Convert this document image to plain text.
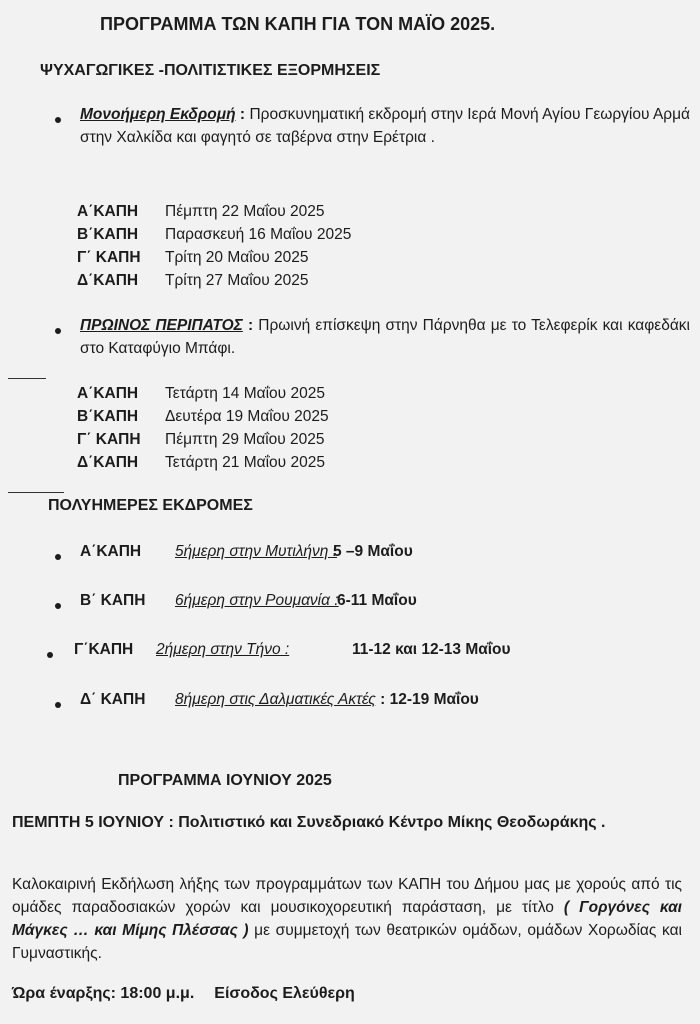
ΠΡΟΓΡΑΜΜΑ ΤΩΝ ΚΑΠΗ ΓΙΑ ΤΟΝ ΜΑΪΟ 2025.
ΨΥΧΑΓΩΓΙΚΕΣ -ΠΟΛΙΤΙΣΤΙΚΕΣ ΕΞΟΡΜΗΣΕΙΣ
Μονοήμερη Εκδρομή : Προσκυνηματική εκδρομή στην Ιερά Μονή Αγίου Γεωργίου Αρμά στην Χαλκίδα και φαγητό σε ταβέρνα στην Ερέτρια .
Α΄ΚΑΠΗ Πέμπτη 22 Μαΐου 2025
Β΄ΚΑΠΗ Παρασκευή 16 Μαΐου 2025
Γ΄ ΚΑΠΗ Τρίτη 20 Μαΐου 2025
Δ΄ΚΑΠΗ Τρίτη 27 Μαΐου 2025
ΠΡΩΙΝΟΣ ΠΕΡΙΠΑΤΟΣ : Πρωινή επίσκεψη στην Πάρνηθα με το Τελεφερίκ και καφεδάκι στο Καταφύγιο Μπάφι.
Α΄ΚΑΠΗ Τετάρτη 14 Μαΐου 2025
Β΄ΚΑΠΗ Δευτέρα 19 Μαΐου 2025
Γ΄ ΚΑΠΗ Πέμπτη 29 Μαΐου 2025
Δ΄ΚΑΠΗ Τετάρτη 21 Μαΐου 2025
ΠΟΛΥΗΜΕΡΕΣ ΕΚΔΡΟΜΕΣ
Α΄ΚΑΠΗ 5ήμερη στην Μυτιλήνη :5 –9 Μαΐου
Β΄ ΚΑΠΗ 6ήμερη στην Ρουμανία :6-11 Μαΐου
Γ΄ΚΑΠΗ 2ήμερη στην Τήνο :	11-12 και 12-13 Μαΐου
Δ΄ ΚΑΠΗ 8ήμερη στις Δαλματικές Ακτές : 12-19 Μαΐου
ΠΡΟΓΡΑΜΜΑ ΙΟΥΝΙΟΥ 2025
ΠΕΜΠΤΗ 5 ΙΟΥΝΙΟΥ : Πολιτιστικό και Συνεδριακό Κέντρο Μίκης Θεοδωράκης .
Καλοκαιρινή Εκδήλωση λήξης των προγραμμάτων των ΚΑΠΗ του Δήμου μας με χορούς από τις ομάδες παραδοσιακών χορών και μουσικοχορευτική παράσταση, με τίτλο ( Γοργόνες και Μάγκες … και Μίμης Πλέσσας ) με συμμετοχή των θεατρικών ομάδων, ομάδων Χορωδίας και Γυμναστικής.
Ώρα έναρξης: 18:00 μ.μ. Είσοδος Ελεύθερη
